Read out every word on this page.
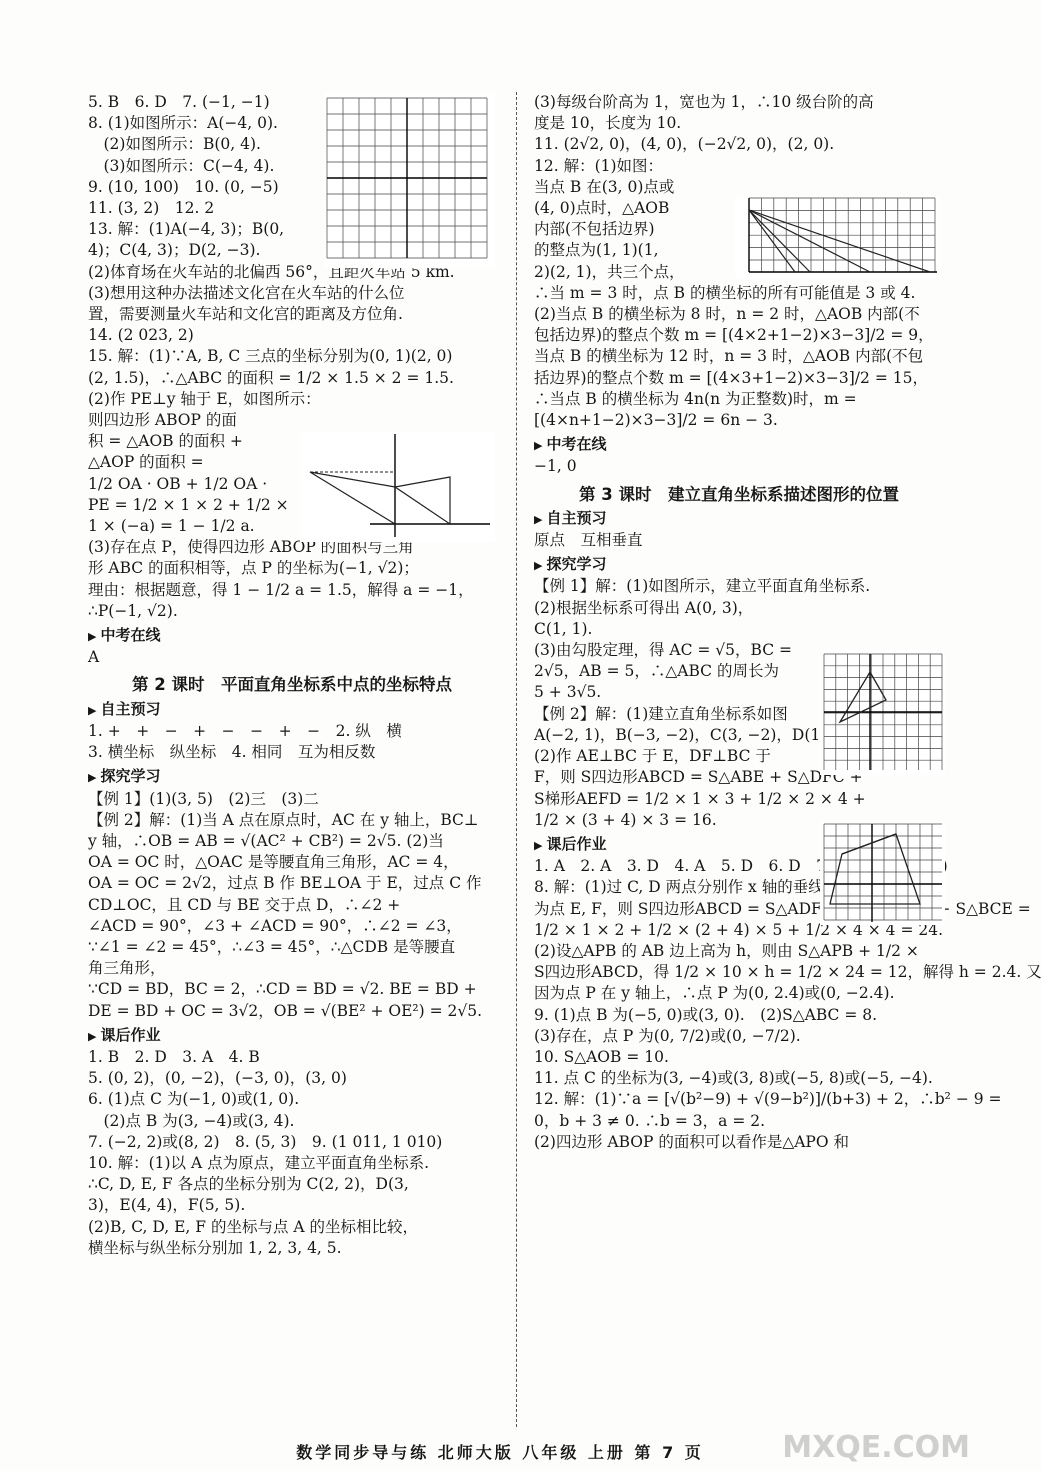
5. B　6. D　7. (−1, −1)
8. (1)如图所示：A(−4, 0).
　(2)如图所示：B(0, 4).
　(3)如图所示：C(−4, 4).
9. (10, 100)　10. (0, −5)
11. (3, 2)　12. 2
13. 解：(1)A(−4, 3)；B(0,
4)；C(4, 3)；D(2, −3).
(2)体育场在火车站的北偏西 56°，且距火车站 5 km.
(3)想用这种办法描述文化宫在火车站的什么位
置，需要测量火车站和文化宫的距离及方位角.
14. (2 023, 2)
15. 解：(1)∵A, B, C 三点的坐标分别为(0, 1)(2, 0)
(2, 1.5)，∴△ABC 的面积 = 1/2 × 1.5 × 2 = 1.5.
(2)作 PE⊥y 轴于 E，如图所示：
则四边形 ABOP 的面
积 = △AOB 的面积 +
△AOP 的面积 =
1/2 OA · OB + 1/2 OA ·
PE = 1/2 × 1 × 2 + 1/2 ×
1 × (−a) = 1 − 1/2 a.
(3)存在点 P，使得四边形 ABOP 的面积与三角
形 ABC 的面积相等，点 P 的坐标为(−1, √2)；
理由：根据题意，得 1 − 1/2 a = 1.5，解得 a = −1，
∴P(−1, √2).
▶ 中考在线
A
第 2 课时　平面直角坐标系中点的坐标特点
▶ 自主预习
1. +　+　−　+　−　−　+　−　2. 纵　横
3. 横坐标　纵坐标　4. 相同　互为相反数
▶ 探究学习
【例 1】(1)(3, 5)　(2)三　(3)二
【例 2】解：(1)当 A 点在原点时，AC 在 y 轴上，BC⊥
y 轴，∴OB = AB = √(AC² + CB²) = 2√5. (2)当
OA = OC 时，△OAC 是等腰直角三角形，AC = 4，
OA = OC = 2√2，过点 B 作 BE⊥OA 于 E，过点 C 作
CD⊥OC，且 CD 与 BE 交于点 D，∴∠2 +
∠ACD = 90°，∠3 + ∠ACD = 90°，∴∠2 = ∠3，
∵∠1 = ∠2 = 45°，∴∠3 = 45°，∴△CDB 是等腰直
角三角形，
∵CD = BD，BC = 2，∴CD = BD = √2. BE = BD +
DE = BD + OC = 3√2，OB = √(BE² + OE²) = 2√5.
▶ 课后作业
1. B　2. D　3. A　4. B
5. (0, 2)，(0, −2)，(−3, 0)，(3, 0)
6. (1)点 C 为(−1, 0)或(1, 0).
　(2)点 B 为(3, −4)或(3, 4).
7. (−2, 2)或(8, 2)　8. (5, 3)　9. (1 011, 1 010)
10. 解：(1)以 A 点为原点，建立平面直角坐标系.
∴C, D, E, F 各点的坐标分别为 C(2, 2)，D(3,
3)，E(4, 4)，F(5, 5).
(2)B, C, D, E, F 的坐标与点 A 的坐标相比较，
横坐标与纵坐标分别加 1, 2, 3, 4, 5.
(3)每级台阶高为 1，宽也为 1，∴10 级台阶的高
度是 10，长度为 10.
11. (2√2, 0)，(4, 0)，(−2√2, 0)，(2, 0).
12. 解：(1)如图：
当点 B 在(3, 0)点或
(4, 0)点时，△AOB
内部(不包括边界)
的整点为(1, 1)(1,
2)(2, 1)，共三个点，
∴当 m = 3 时，点 B 的横坐标的所有可能值是 3 或 4.
(2)当点 B 的横坐标为 8 时，n = 2 时，△AOB 内部(不
包括边界)的整点个数 m = [(4×2+1−2)×3−3]/2 = 9，
当点 B 的横坐标为 12 时，n = 3 时，△AOB 内部(不包
括边界)的整点个数 m = [(4×3+1−2)×3−3]/2 = 15，
∴当点 B 的横坐标为 4n(n 为正整数)时，m =
[(4×n+1−2)×3−3]/2 = 6n − 3.
▶ 中考在线
−1, 0
第 3 课时　建立直角坐标系描述图形的位置
▶ 自主预习
原点　互相垂直
▶ 探究学习
【例 1】解：(1)如图所示，建立平面直角坐标系.
(2)根据坐标系可得出 A(0, 3)，
C(1, 1).
(3)由勾股定理，得 AC = √5，BC =
2√5，AB = 5，∴△ABC 的周长为
5 + 3√5.
【例 2】解：(1)建立直角坐标系如图
A(−2, 1)，B(−3, −2)，C(3, −2)，D(1, 2).
(2)作 AE⊥BC 于 E，DF⊥BC 于
F，则 S四边形ABCD = S△ABE + S△DFC +
S梯形AEFD = 1/2 × 1 × 3 + 1/2 × 2 × 4 +
1/2 × (3 + 4) × 3 = 16.
▶ 课后作业
1. A　2. A　3. D　4. A　5. D　6. D　7. (0, 3)或(0, −3)
8. 解：(1)过 C, D 两点分别作 x 轴的垂线，垂足分别
为点 E, F，则 S四边形ABCD = S△ADF + S梯形CDFE + S△BCE =
1/2 × 1 × 2 + 1/2 × (2 + 4) × 5 + 1/2 × 4 × 4 = 24.
(2)设△APB 的 AB 边上高为 h，则由 S△APB + 1/2 ×
S四边形ABCD，得 1/2 × 10 × h = 1/2 × 24 = 12，解得 h = 2.4. 又
因为点 P 在 y 轴上，∴点 P 为(0, 2.4)或(0, −2.4).
9. (1)点 B 为(−5, 0)或(3, 0).　(2)S△ABC = 8.
(3)存在，点 P 为(0, 7/2)或(0, −7/2).
10. S△AOB = 10.
11. 点 C 的坐标为(3, −4)或(3, 8)或(−5, 8)或(−5, −4).
12. 解：(1)∵a = [√(b²−9) + √(9−b²)]/(b+3) + 2，∴b² − 9 =
0，b + 3 ≠ 0. ∴b = 3，a = 2.
(2)四边形 ABOP 的面积可以看作是△APO 和
数学同步导与练 北师大版 八年级 上册 第 7 页	MXQE.COM
